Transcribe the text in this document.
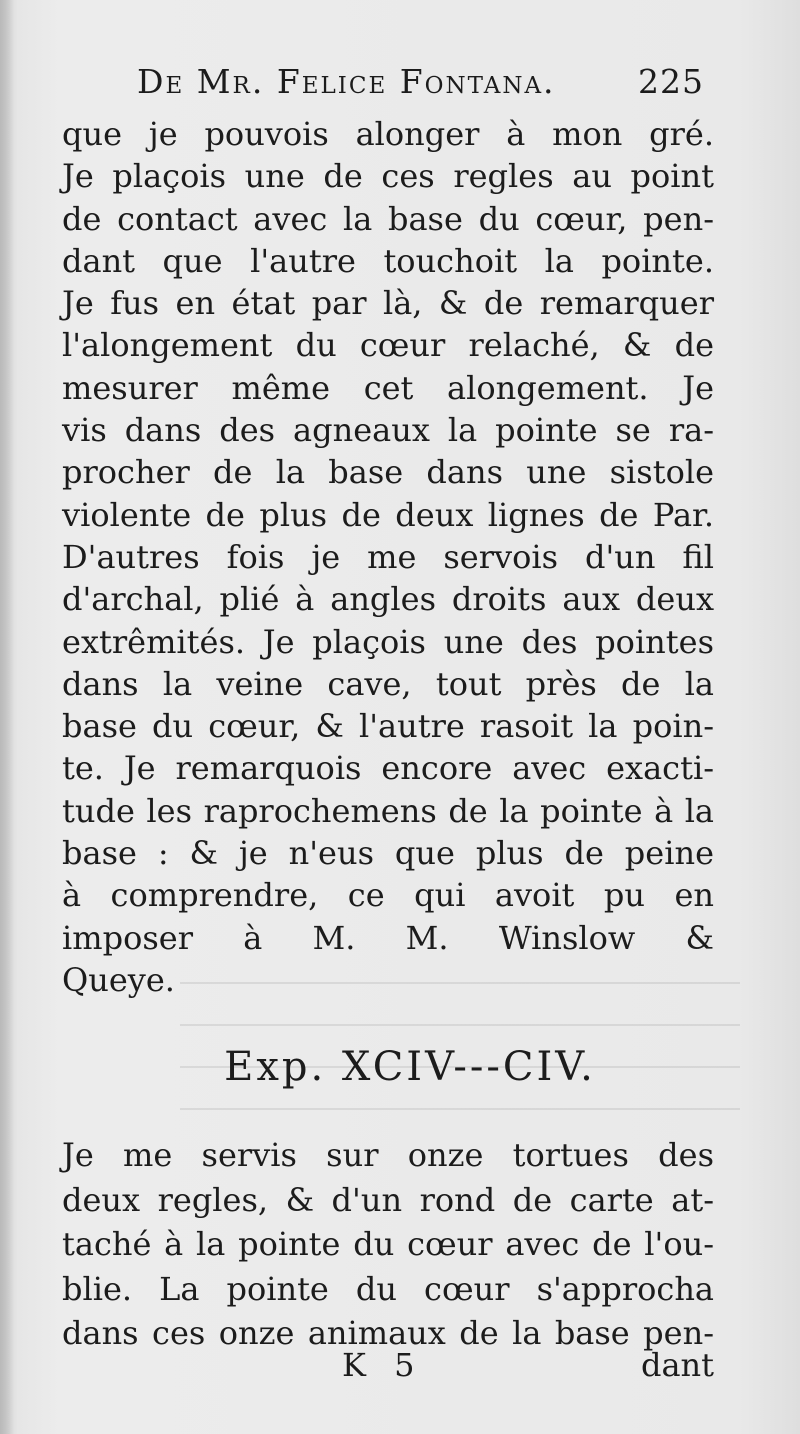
De Mr. Felice Fontana. 225
que je pouvois alonger à mon gré.
Je plaçois une de ces regles au point
de contact avec la base du cœur, pen-
dant que l'autre touchoit la pointe.
Je fus en état par là, & de remarquer
l'alongement du cœur relaché, & de
mesurer même cet alongement. Je
vis dans des agneaux la pointe se ra-
procher de la base dans une sistole
violente de plus de deux lignes de Par.
D'autres fois je me servois d'un fil
d'archal, plié à angles droits aux deux
extrêmités. Je plaçois une des pointes
dans la veine cave, tout près de la
base du cœur, & l'autre rasoit la poin-
te. Je remarquois encore avec exacti-
tude les raprochemens de la pointe à la
base : & je n'eus que plus de peine
à comprendre, ce qui avoit pu en
imposer à M. M. Winslow &
Queye.
Exp. XCIV---CIV.
Je me servis sur onze tortues des
deux regles, & d'un rond de carte at-
taché à la pointe du cœur avec de l'ou-
blie. La pointe du cœur s'approcha
dans ces onze animaux de la base pen-
K 5	dant
